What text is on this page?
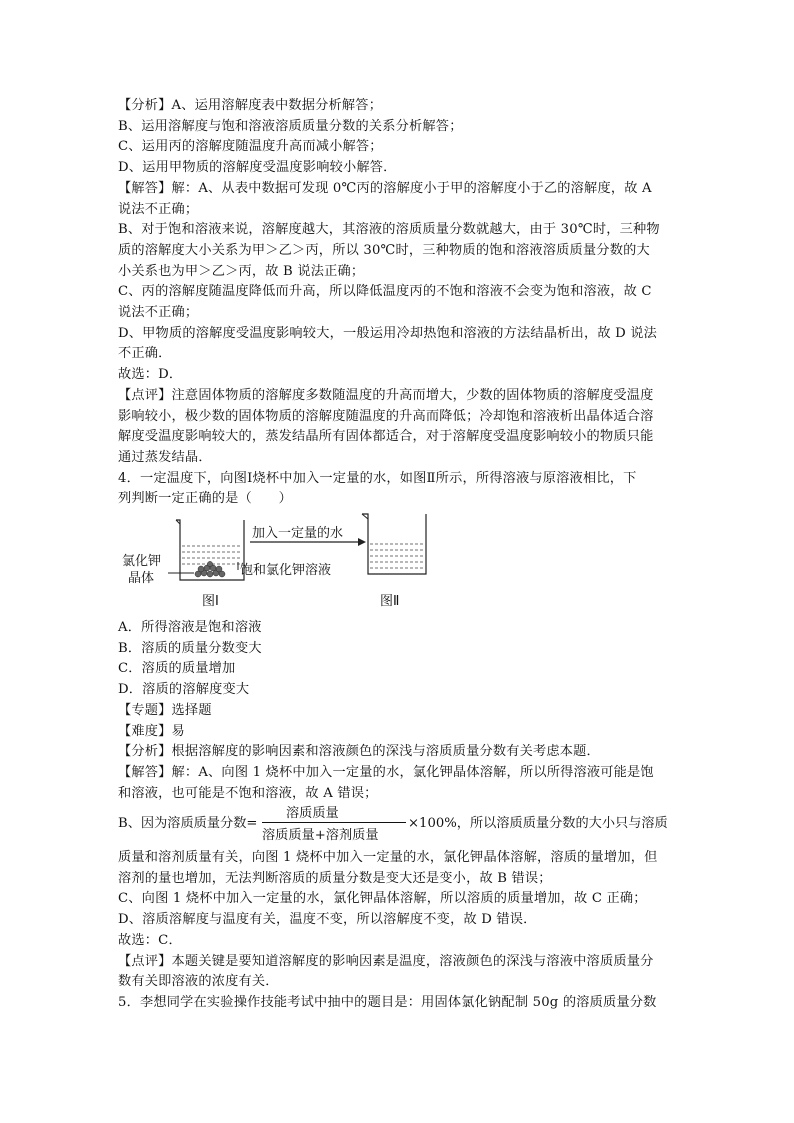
氯化钾
晶体
加入一定量的水
饱和氯化钾溶液
图Ⅰ	图Ⅱ
B、因为溶质质量分数=
溶质质量
溶质质量+溶剂质量
×100%，所以溶质质量分数的大小只与溶质
【分析】A、运用溶解度表中数据分析解答；
B、运用溶解度与饱和溶液溶质质量分数的关系分析解答；
C、运用丙的溶解度随温度升高而减小解答；
D、运用甲物质的溶解度受温度影响较小解答．
【解答】解：A、从表中数据可发现 0℃丙的溶解度小于甲的溶解度小于乙的溶解度，故 A
说法不正确；
B、对于饱和溶液来说，溶解度越大，其溶液的溶质质量分数就越大，由于 30℃时，三种物
质的溶解度大小关系为甲＞乙＞丙，所以 30℃时，三种物质的饱和溶液溶质质量分数的大
小关系也为甲＞乙＞丙，故 B 说法正确；
C、丙的溶解度随温度降低而升高，所以降低温度丙的不饱和溶液不会变为饱和溶液，故 C
说法不正确；
D、甲物质的溶解度受温度影响较大，一般运用冷却热饱和溶液的方法结晶析出，故 D 说法
不正确．
故选：D．
【点评】注意固体物质的溶解度多数随温度的升高而增大，少数的固体物质的溶解度受温度
影响较小，极少数的固体物质的溶解度随温度的升高而降低；冷却饱和溶液析出晶体适合溶
解度受温度影响较大的，蒸发结晶所有固体都适合，对于溶解度受温度影响较小的物质只能
通过蒸发结晶．
4．一定温度下，向图Ⅰ烧杯中加入一定量的水，如图Ⅱ所示，所得溶液与原溶液相比，下
列判断一定正确的是（　　）
A．所得溶液是饱和溶液
B．溶质的质量分数变大
C．溶质的质量增加
D．溶质的溶解度变大
【专题】选择题
【难度】易
【分析】根据溶解度的影响因素和溶液颜色的深浅与溶质质量分数有关考虑本题．
【解答】解：A、向图 1 烧杯中加入一定量的水，氯化钾晶体溶解，所以所得溶液可能是饱
和溶液，也可能是不饱和溶液，故 A 错误；
质量和溶剂质量有关，向图 1 烧杯中加入一定量的水，氯化钾晶体溶解，溶质的量增加，但
溶剂的量也增加，无法判断溶质的质量分数是变大还是变小，故 B 错误；
C、向图 1 烧杯中加入一定量的水，氯化钾晶体溶解，所以溶质的质量增加，故 C 正确；
D、溶质溶解度与温度有关，温度不变，所以溶解度不变，故 D 错误．
故选：C．
【点评】本题关键是要知道溶解度的影响因素是温度，溶液颜色的深浅与溶液中溶质质量分
数有关即溶液的浓度有关．
5．李想同学在实验操作技能考试中抽中的题目是：用固体氯化钠配制 50g 的溶质质量分数
